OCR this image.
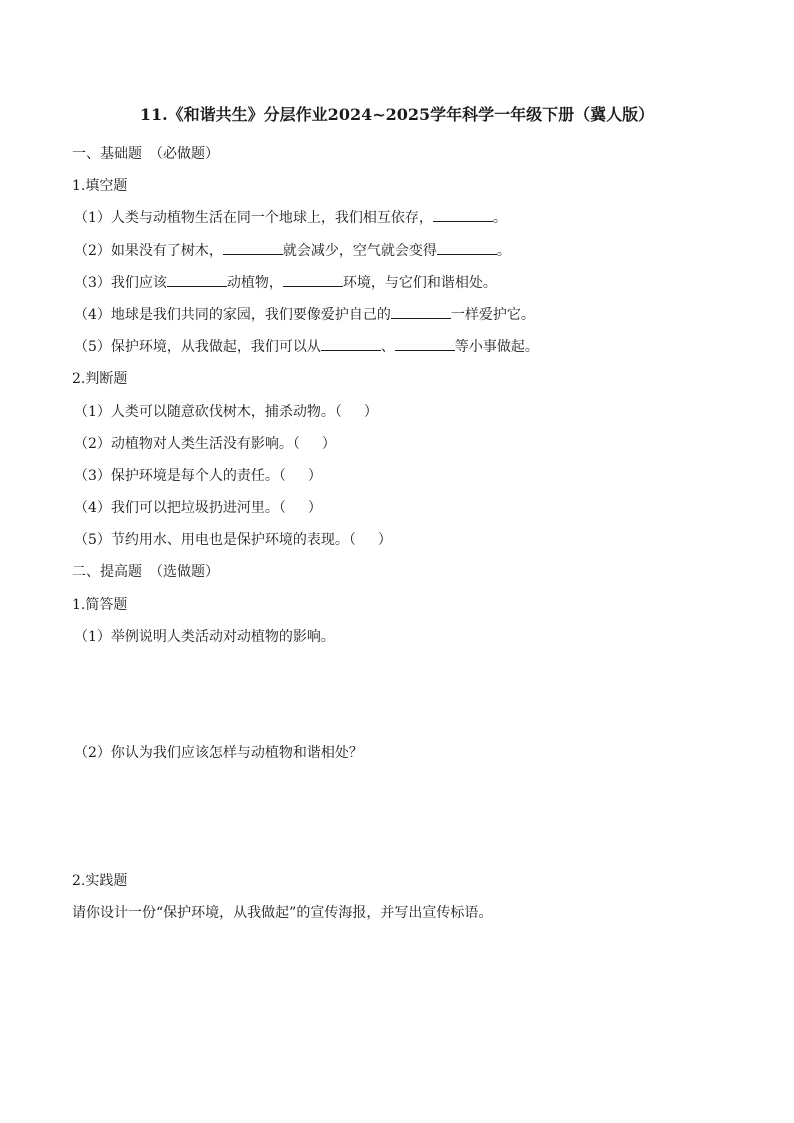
11.《和谐共生》分层作业2024~2025学年科学一年级下册（冀人版）
一、基础题　（必做题）
1.填空题
（1）人类与动植物生活在同一个地球上，我们相互依存，	。
（2）如果没有了树木，	就会减少，空气就会变得	。
（3）我们应该	动植物，	环境，与它们和谐相处。
（4）地球是我们共同的家园，我们要像爱护自己的	一样爱护它。
（5）保护环境，从我做起，我们可以从	、	等小事做起。
2.判断题
（1）人类可以随意砍伐树木，捕杀动物。（ ）
（2）动植物对人类生活没有影响。（ ）
（3）保护环境是每个人的责任。（ ）
（4）我们可以把垃圾扔进河里。（ ）
（5）节约用水、用电也是保护环境的表现。（ ）
二、提高题　（选做题）
1.简答题
（1）举例说明人类活动对动植物的影响。
（2）你认为我们应该怎样与动植物和谐相处？
2.实践题
请你设计一份“保护环境，从我做起”的宣传海报，并写出宣传标语。
